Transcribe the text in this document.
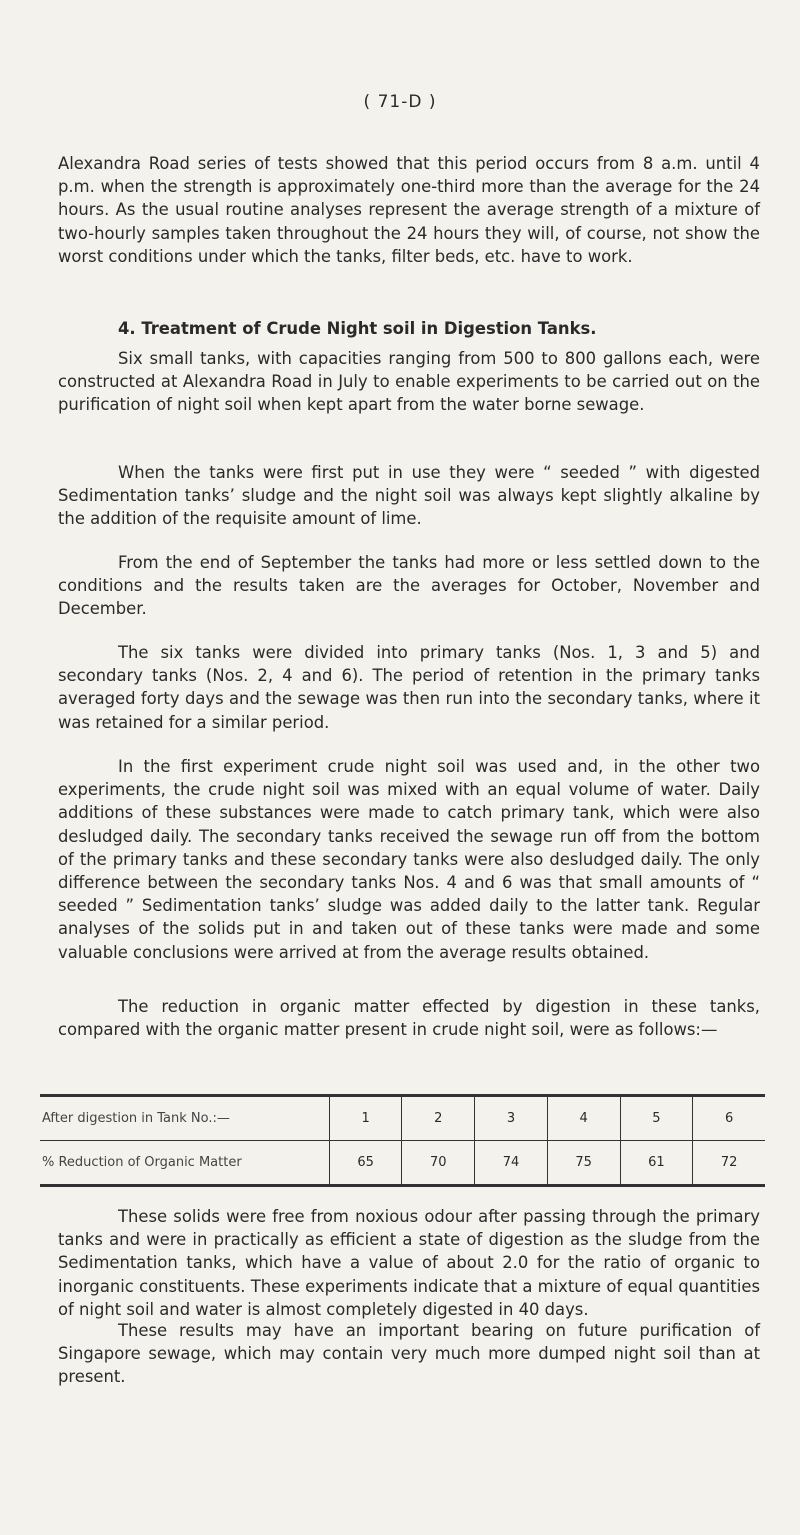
( 71-D )

Alexandra Road series of tests showed that this period occurs from 8 a.m. until 4 p.m. when the strength is approximately one-third more than the average for the 24 hours. As the usual routine analyses represent the average strength of a mixture of two-hourly samples taken throughout the 24 hours they will, of course, not show the worst conditions under which the tanks, filter beds, etc. have to work.

4. Treatment of Crude Night soil in Digestion Tanks.

Six small tanks, with capacities ranging from 500 to 800 gallons each, were constructed at Alexandra Road in July to enable experiments to be carried out on the purification of night soil when kept apart from the water borne sewage.

When the tanks were first put in use they were “ seeded ” with digested Sedimentation tanks’ sludge and the night soil was always kept slightly alkaline by the addition of the requisite amount of lime.

From the end of September the tanks had more or less settled down to the conditions and the results taken are the averages for October, November and December.

The six tanks were divided into primary tanks (Nos. 1, 3 and 5) and secondary tanks (Nos. 2, 4 and 6). The period of retention in the primary tanks averaged forty days and the sewage was then run into the secondary tanks, where it was retained for a similar period.

In the first experiment crude night soil was used and, in the other two experiments, the crude night soil was mixed with an equal volume of water. Daily additions of these substances were made to catch primary tank, which were also desludged daily. The secondary tanks received the sewage run off from the bottom of the primary tanks and these secondary tanks were also desludged daily. The only difference between the secondary tanks Nos. 4 and 6 was that small amounts of “ seeded ” Sedimentation tanks’ sludge was added daily to the latter tank. Regular analyses of the solids put in and taken out of these tanks were made and some valuable conclusions were arrived at from the average results obtained.

The reduction in organic matter effected by digestion in these tanks, compared with the organic matter present in crude night soil, were as follows:—

After digestion in Tank No.:—	1	2	3	4	5	6
% Reduction of Organic Matter	65	70	74	75	61	72

These solids were free from noxious odour after passing through the primary tanks and were in practically as efficient a state of digestion as the sludge from the Sedimentation tanks, which have a value of about 2.0 for the ratio of organic to inorganic constituents. These experiments indicate that a mixture of equal quantities of night soil and water is almost completely digested in 40 days.

These results may have an important bearing on future purification of Singapore sewage, which may contain very much more dumped night soil than at present.
